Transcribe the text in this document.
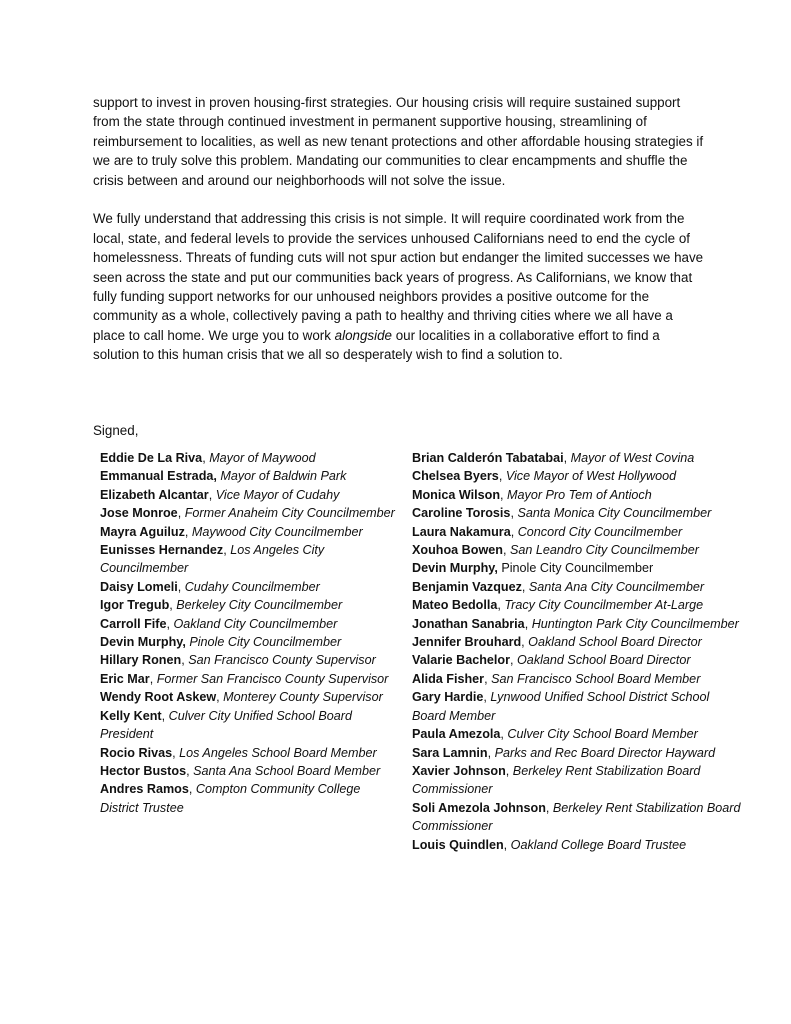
support to invest in proven housing-first strategies. Our housing crisis will require sustained support from the state through continued investment in permanent supportive housing, streamlining of reimbursement to localities, as well as new tenant protections and other affordable housing strategies if we are to truly solve this problem. Mandating our communities to clear encampments and shuffle the crisis between and around our neighborhoods will not solve the issue.

We fully understand that addressing this crisis is not simple. It will require coordinated work from the local, state, and federal levels to provide the services unhoused Californians need to end the cycle of homelessness. Threats of funding cuts will not spur action but endanger the limited successes we have seen across the state and put our communities back years of progress. As Californians, we know that fully funding support networks for our unhoused neighbors provides a positive outcome for the community as a whole, collectively paving a path to healthy and thriving cities where we all have a place to call home. We urge you to work alongside our localities in a collaborative effort to find a solution to this human crisis that we all so desperately wish to find a solution to.

Signed,

Eddie De La Riva, Mayor of Maywood

Emmanual Estrada, Mayor of Baldwin Park

Elizabeth Alcantar, Vice Mayor of Cudahy

Jose Monroe, Former Anaheim City Councilmember

Mayra Aguiluz, Maywood City Councilmember

Eunisses Hernandez, Los Angeles City Councilmember

Daisy Lomeli, Cudahy Councilmember

Igor Tregub, Berkeley City Councilmember

Carroll Fife, Oakland City Councilmember

Devin Murphy, Pinole City Councilmember

Hillary Ronen, San Francisco County Supervisor

Eric Mar, Former San Francisco County Supervisor

Wendy Root Askew, Monterey County Supervisor

Kelly Kent, Culver City Unified School Board President

Rocio Rivas, Los Angeles School Board Member

Hector Bustos, Santa Ana School Board Member

Andres Ramos, Compton Community College District Trustee

Brian Calderón Tabatabai, Mayor of West Covina

Chelsea Byers, Vice Mayor of West Hollywood

Monica Wilson, Mayor Pro Tem of Antioch

Caroline Torosis, Santa Monica City Councilmember

Laura Nakamura, Concord City Councilmember

Xouhoa Bowen, San Leandro City Councilmember

Devin Murphy, Pinole City Councilmember

Benjamin Vazquez, Santa Ana City Councilmember

Mateo Bedolla, Tracy City Councilmember At-Large

Jonathan Sanabria, Huntington Park City Councilmember

Jennifer Brouhard, Oakland School Board Director

Valarie Bachelor, Oakland School Board Director

Alida Fisher, San Francisco School Board Member

Gary Hardie, Lynwood Unified School District School Board Member

Paula Amezola, Culver City School Board Member

Sara Lamnin, Parks and Rec Board Director Hayward

Xavier Johnson, Berkeley Rent Stabilization Board Commissioner

Soli Amezola Johnson, Berkeley Rent Stabilization Board Commissioner

Louis Quindlen, Oakland College Board Trustee
